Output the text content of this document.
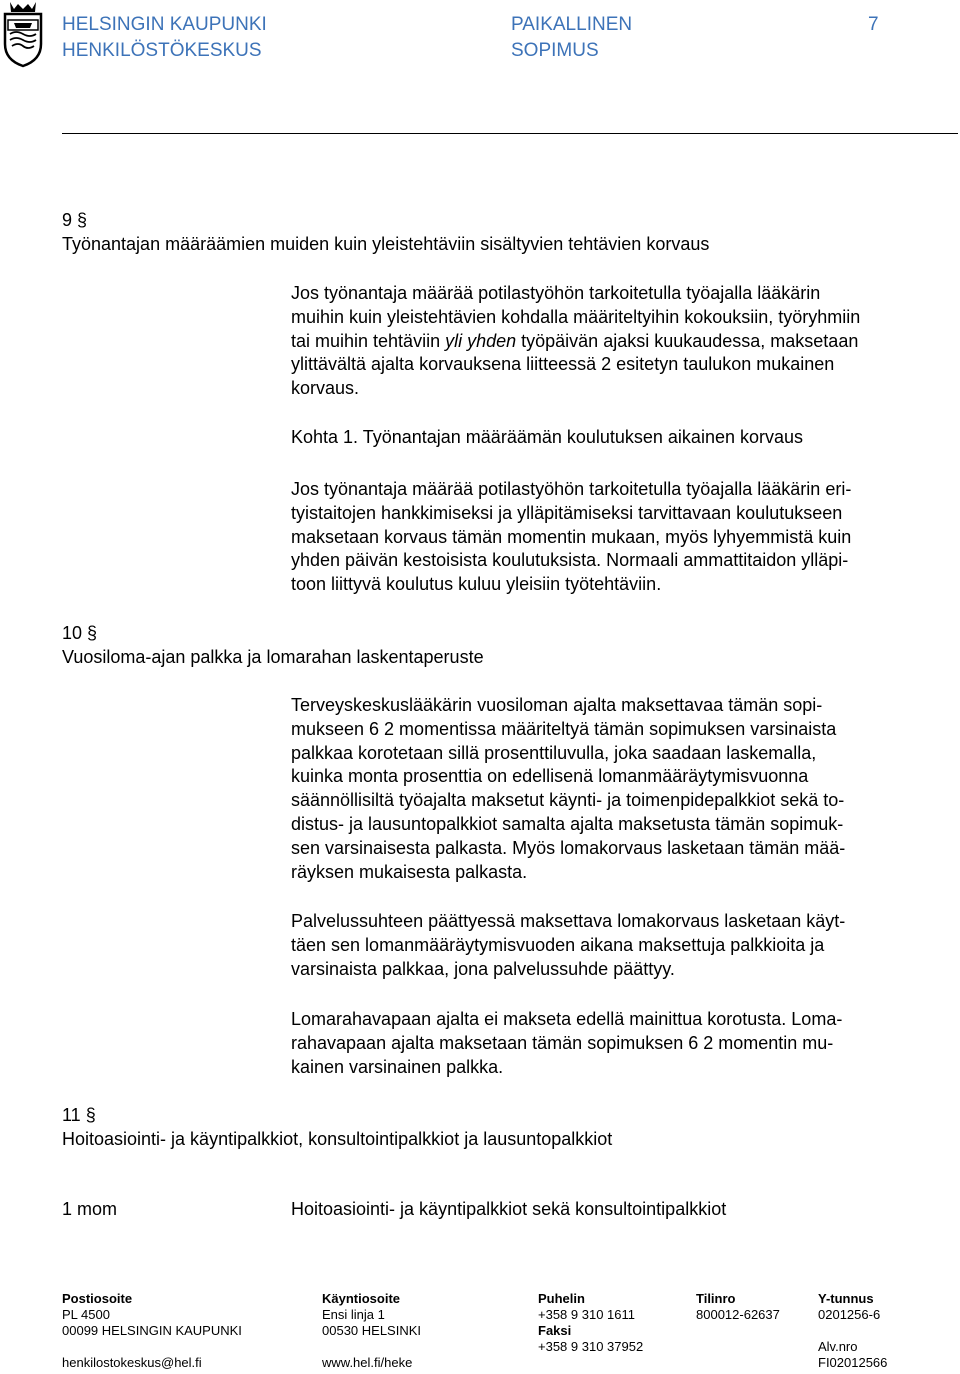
HELSINGIN KAUPUNKI
HENKILÖSTÖKESKUS
PAIKALLINEN
SOPIMUS
7
9 §
Työnantajan määräämien muiden kuin yleistehtäviin sisältyvien tehtävien korvaus
Jos työnantaja määrää potilastyöhön tarkoitetulla työajalla lääkärin
muihin kuin yleistehtävien kohdalla määriteltyihin kokouksiin, työryhmiin
tai muihin tehtäviin yli yhden työpäivän ajaksi kuukaudessa, maksetaan
ylittävältä ajalta korvauksena liitteessä 2 esitetyn taulukon mukainen
korvaus.
Kohta 1. Työnantajan määräämän koulutuksen aikainen korvaus
Jos työnantaja määrää potilastyöhön tarkoitetulla työajalla lääkärin eri-
tyistaitojen hankkimiseksi ja ylläpitämiseksi tarvittavaan koulutukseen
maksetaan korvaus tämän momentin mukaan, myös lyhyemmistä kuin
yhden päivän kestoisista koulutuksista. Normaali ammattitaidon ylläpi-
toon liittyvä koulutus kuluu yleisiin työtehtäviin.
10 §
Vuosiloma-ajan palkka ja lomarahan laskentaperuste
Terveyskeskuslääkärin vuosiloman ajalta maksettavaa tämän sopi-
mukseen 6 2 momentissa määriteltyä tämän sopimuksen varsinaista
palkkaa korotetaan sillä prosenttiluvulla, joka saadaan laskemalla,
kuinka monta prosenttia on edellisenä lomanmääräytymisvuonna
säännöllisiltä työajalta maksetut käynti- ja toimenpidepalkkiot sekä to-
distus- ja lausuntopalkkiot samalta ajalta maksetusta tämän sopimuk-
sen varsinaisesta palkasta. Myös lomakorvaus lasketaan tämän mää-
räyksen mukaisesta palkasta.
Palvelussuhteen päättyessä maksettava lomakorvaus lasketaan käyt-
täen sen lomanmääräytymisvuoden aikana maksettuja palkkioita ja
varsinaista palkkaa, jona palvelussuhde päättyy.
Lomarahavapaan ajalta ei makseta edellä mainittua korotusta. Loma-
rahavapaan ajalta maksetaan tämän sopimuksen 6 2 momentin mu-
kainen varsinainen palkka.
11 §
Hoitoasiointi- ja käyntipalkkiot, konsultointipalkkiot ja lausuntopalkkiot
1 mom	Hoitoasiointi- ja käyntipalkkiot sekä konsultointipalkkiot
Postiosoite
PL 4500
00099 HELSINGIN KAUPUNKI

henkilostokeskus@hel.fi
Käyntiosoite
Ensi linja 1
00530 HELSINKI

www.hel.fi/heke
Puhelin
+358 9 310 1611
Faksi
+358 9 310 37952
Tilinro
800012-62637
Y-tunnus
0201256-6

Alv.nro
FI02012566
